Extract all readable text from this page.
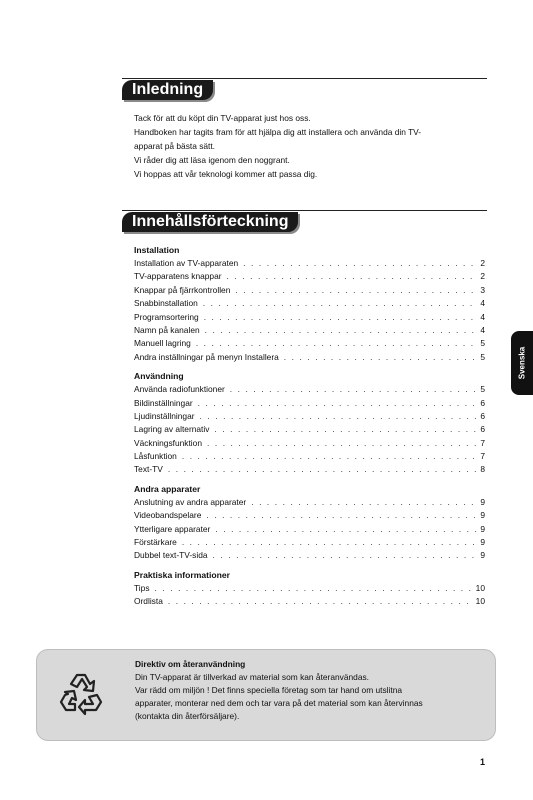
Inledning

Tack för att du köpt din TV-apparat just hos oss.

Handboken har tagits fram för att hjälpa dig att installera och använda din TV-

apparat på bästa sätt.

Vi råder dig att läsa igenom den noggrant.

Vi hoppas att vår teknologi kommer att passa dig.

Innehållsförteckning
Installation
Installation av TV-apparaten . . .	2
TV-apparatens knappar . . .	2
Knappar på fjärrkontrollen . . .	3
Snabbinstallation . . .	4
Programsortering . . .	4
Namn på kanalen . . .	4
Manuell lagring . . .	5
Andra inställningar på menyn Installera . . .	5
Användning
Använda radiofunktioner . . .	5
Bildinställningar . . .	6
Ljudinställningar . . .	6
Lagring av alternativ . . .	6
Väckningsfunktion . . .	7
Låsfunktion . . .	7
Text-TV . . .	8
Andra apparater
Anslutning av andra apparater . . .	9
Videobandspelare . . .	9
Ytterligare apparater . . .	9
Förstärkare . . .	9
Dubbel text-TV-sida . . .	9
Praktiska informationer
Tips . . .	10
Ordlista . . .	10
Svenska
Direktiv om återanvändning
Din TV-apparat är tillverkad av material som kan återanvändas.
Var rädd om miljön ! Det finns speciella företag som tar hand om utslitna
apparater, monterar ned dem och tar vara på det material som kan återvinnas
(kontakta din återförsäljare).
1
